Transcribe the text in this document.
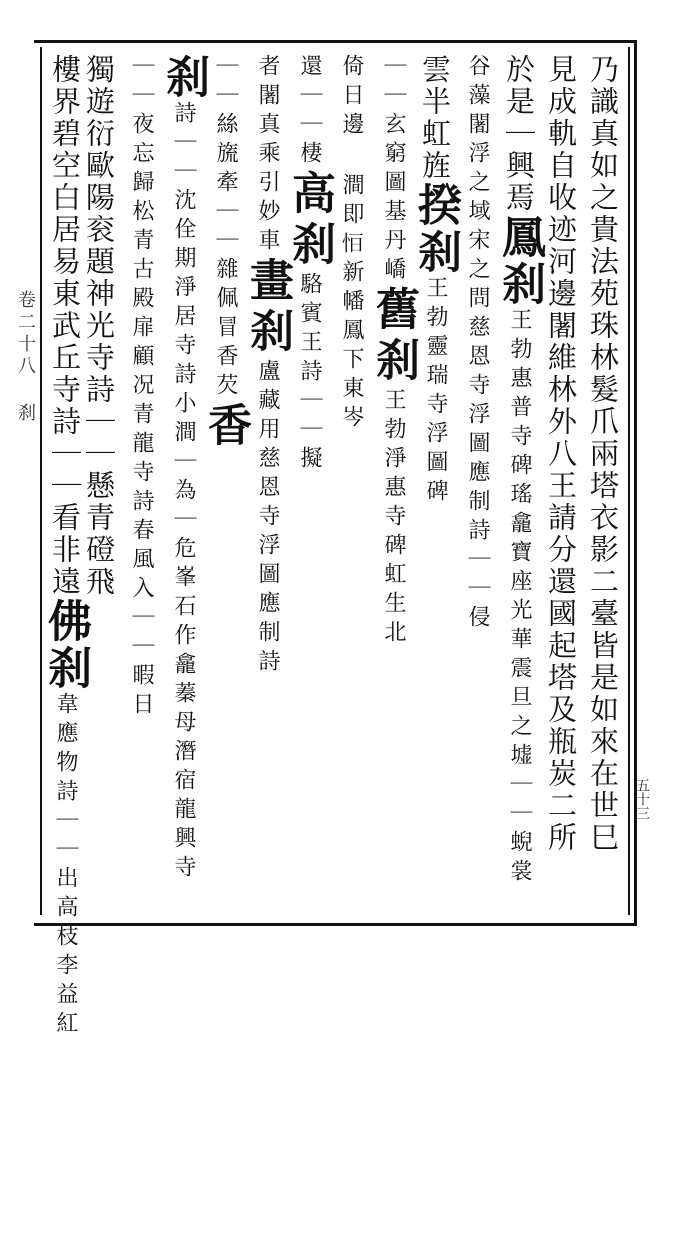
卷二十八 刹	乃識真如之貴法苑珠林髮爪兩塔衣影二臺皆是如來在世巳
見成軌自收迹河邊闍維林外八王請分還國起塔及瓶炭二所
於是｜興焉鳳刹王勃惠普寺碑瑤龕寶座光華震旦之墟｜｜蜺裳
谷藻闍浮之域宋之問慈恩寺浮圖應制詩｜｜侵
雲半虹旌揆刹王勃靈瑞寺浮圖碑
｜｜玄窮圖基丹嶠舊刹王勃淨惠寺碑虹生北
倚日邊 澗即𢘆新幡鳳下東岑
還｜｜棲高刹駱賓王詩｜｜擬
者闍真乘引妙車畫刹盧藏用慈恩寺浮圖應制詩
｜｜絲旒牽｜｜雜佩冒香芡香
刹詩｜｜沈佺期淨居寺詩小澗｜為｜危峯石作龕蓁母潛宿龍興寺
｜｜夜忘歸松青古殿扉顧况青龍寺詩春風入｜｜暇日
獨遊衍歐陽衮題神光寺詩｜｜懸青磴飛
樓界碧空白居易東武丘寺詩｜｜看非遠佛刹韋應物詩｜｜出高枝李益紅
五十三
